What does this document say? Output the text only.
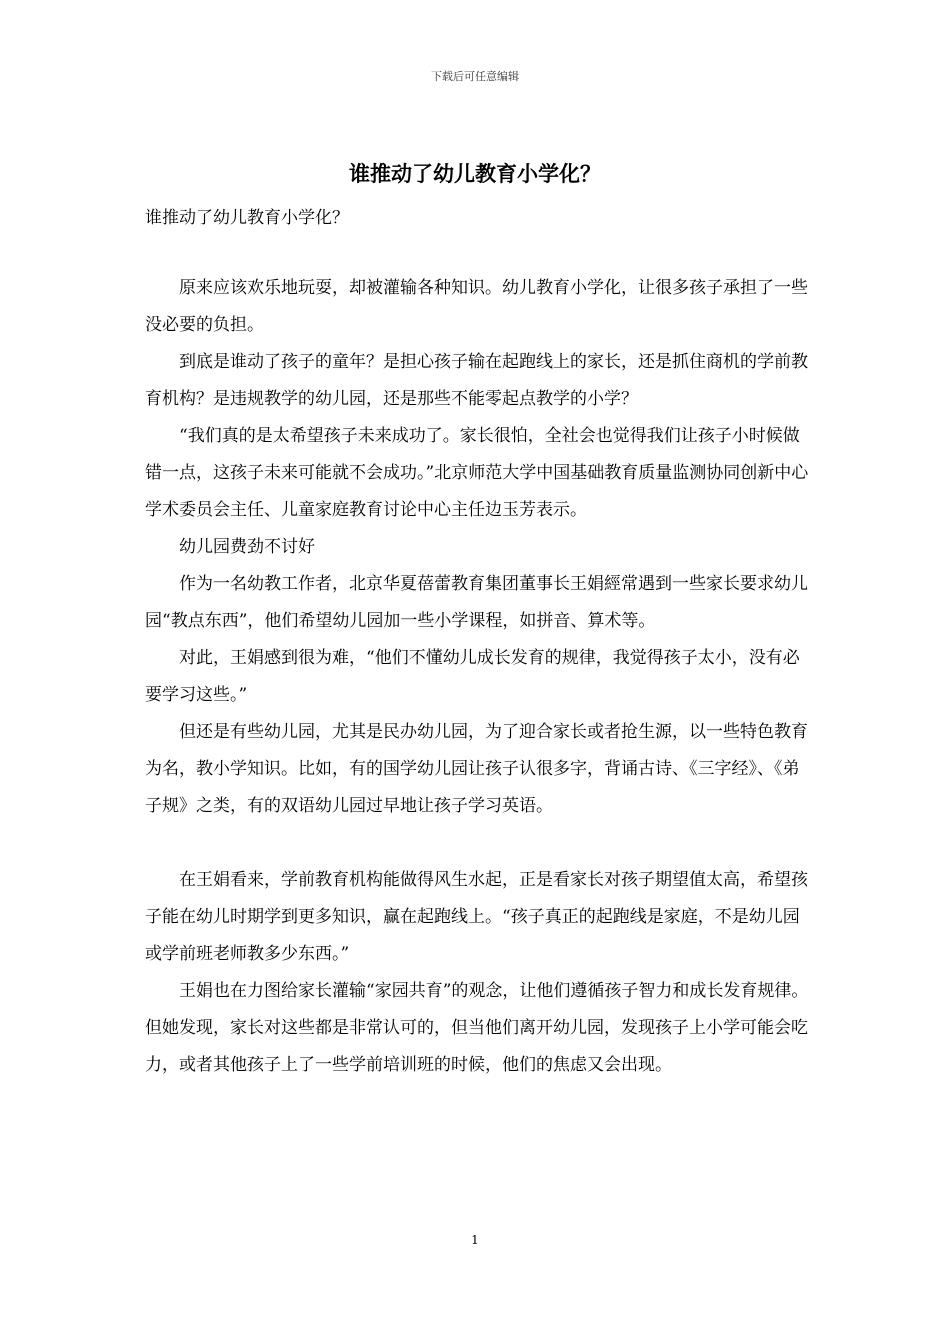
下载后可任意编辑
谁推动了幼儿教育小学化？
谁推动了幼儿教育小学化？

原来应该欢乐地玩耍，却被灌输各种知识。幼儿教育小学化，让很多孩子承担了一些没必要的负担。

到底是谁动了孩子的童年？是担心孩子输在起跑线上的家长，还是抓住商机的学前教育机构？是违规教学的幼儿园，还是那些不能零起点教学的小学？

“我们真的是太希望孩子未来成功了。家长很怕，全社会也觉得我们让孩子小时候做错一点，这孩子未来可能就不会成功。”北京师范大学中国基础教育质量监测协同创新中心学术委员会主任、儿童家庭教育讨论中心主任边玉芳表示。

幼儿园费劲不讨好

作为一名幼教工作者，北京华夏蓓蕾教育集团董事长王娟經常遇到一些家长要求幼儿园“教点东西”，他们希望幼儿园加一些小学课程，如拼音、算术等。

对此，王娟感到很为难，“他们不懂幼儿成长发育的规律，我觉得孩子太小，没有必要学习这些。”

但还是有些幼儿园，尤其是民办幼儿园，为了迎合家长或者抢生源，以一些特色教育为名，教小学知识。比如，有的国学幼儿园让孩子认很多字，背诵古诗、《三字经》、《弟子规》之类，有的双语幼儿园过早地让孩子学习英语。

在王娟看来，学前教育机构能做得风生水起，正是看家长对孩子期望值太高，希望孩子能在幼儿时期学到更多知识，赢在起跑线上。“孩子真正的起跑线是家庭，不是幼儿园或学前班老师教多少东西。”

王娟也在力图给家长灌输“家园共育”的观念，让他们遵循孩子智力和成长发育规律。但她发现，家长对这些都是非常认可的，但当他们离开幼儿园，发现孩子上小学可能会吃力，或者其他孩子上了一些学前培训班的时候，他们的焦虑又会出现。

1
